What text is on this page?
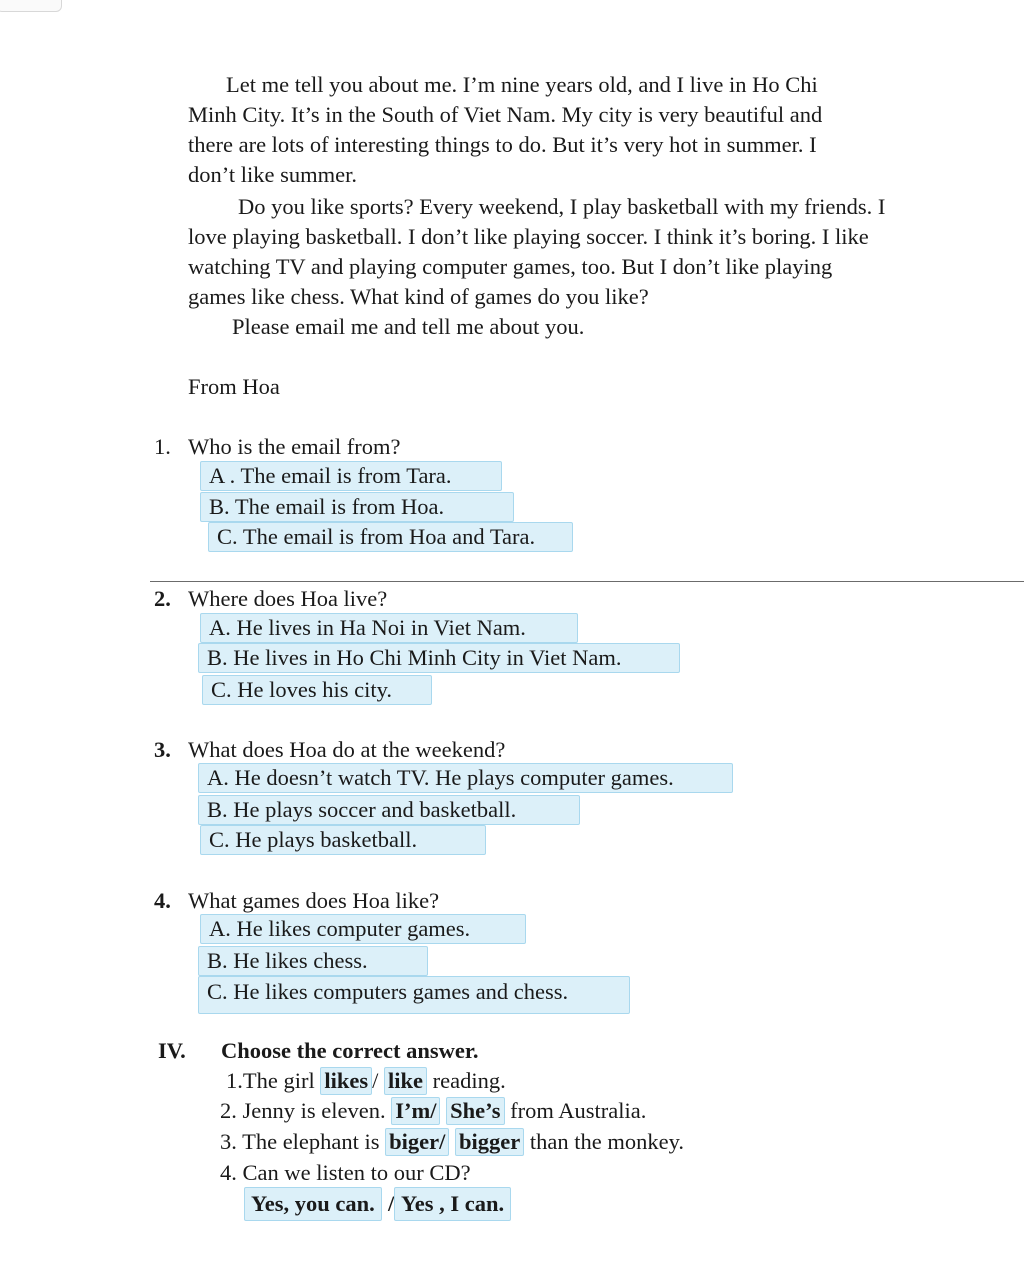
Let me tell you about me. I’m nine years old, and I live in Ho Chi
Minh City. It’s in the South of Viet Nam. My city is very beautiful and
there are lots of interesting things to do. But it’s very hot in summer. I
don’t like summer.
Do you like sports? Every weekend, I play basketball with my friends. I
love playing basketball. I don’t like playing soccer. I think it’s boring. I like
watching TV and playing computer games, too. But I don’t like playing
games like chess. What kind of games do you like?
Please email me and tell me about you.
From Hoa
1. Who is the email from?
A . The email is from Tara.
B. The email is from Hoa.
C. The email is from Hoa and Tara.
2. Where does Hoa live?
A. He lives in Ha Noi in Viet Nam.
B. He lives in Ho Chi Minh City in Viet Nam.
C. He loves his city.
3. What does Hoa do at the weekend?
A. He doesn’t watch TV. He plays computer games.
B. He plays soccer and basketball.
C. He plays basketball.
4. What games does Hoa like?
A. He likes computer games.
B. He likes chess.
C. He likes computers games and chess.
IV. Choose the correct answer.
1.The girl likes / like reading.
2. Jenny is eleven. I’m/ She’s from Australia.
3. The elephant is biger/ bigger than the monkey.
4. Can we listen to our CD?
Yes, you can. / Yes , I can.
